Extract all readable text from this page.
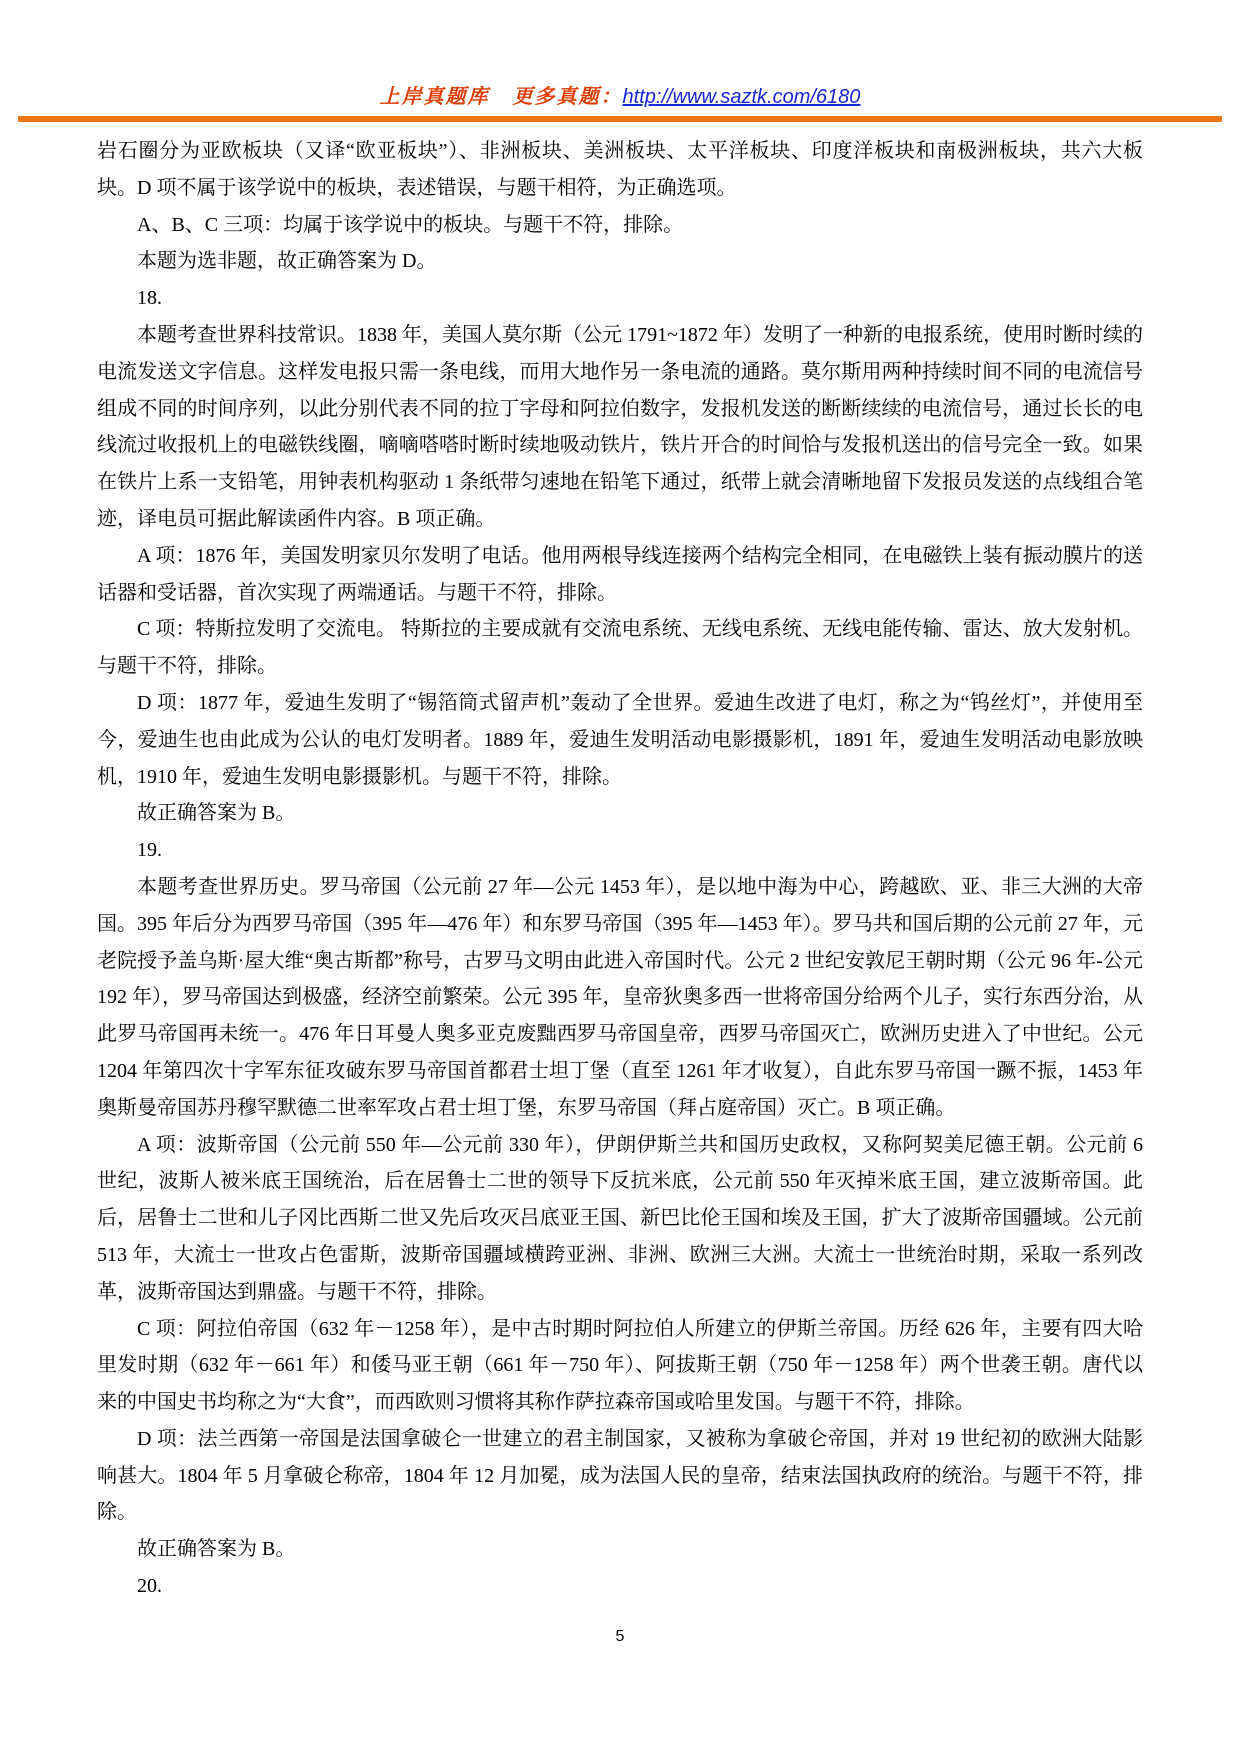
上岸真题库 更多真题：http://www.saztk.com/6180

岩石圈分为亚欧板块（又译“欧亚板块”）、非洲板块、美洲板块、太平洋板块、印度洋板块和南极洲板块，共六大板块。D 项不属于该学说中的板块，表述错误，与题干相符，为正确选项。

A、B、C 三项：均属于该学说中的板块。与题干不符，排除。

本题为选非题，故正确答案为 D。

18.

本题考查世界科技常识。1838 年，美国人莫尔斯（公元 1791~1872 年）发明了一种新的电报系统，使用时断时续的电流发送文字信息。这样发电报只需一条电线，而用大地作另一条电流的通路。莫尔斯用两种持续时间不同的电流信号组成不同的时间序列，以此分别代表不同的拉丁字母和阿拉伯数字，发报机发送的断断续续的电流信号，通过长长的电线流过收报机上的电磁铁线圈，嘀嘀嗒嗒时断时续地吸动铁片，铁片开合的时间恰与发报机送出的信号完全一致。如果在铁片上系一支铅笔，用钟表机构驱动 1 条纸带匀速地在铅笔下通过，纸带上就会清晰地留下发报员发送的点线组合笔迹，译电员可据此解读函件内容。B 项正确。

A 项：1876 年，美国发明家贝尔发明了电话。他用两根导线连接两个结构完全相同，在电磁铁上装有振动膜片的送话器和受话器，首次实现了两端通话。与题干不符，排除。

C 项：特斯拉发明了交流电。 特斯拉的主要成就有交流电系统、无线电系统、无线电能传输、雷达、放大发射机。与题干不符，排除。

D 项：1877 年，爱迪生发明了“锡箔筒式留声机”轰动了全世界。爱迪生改进了电灯，称之为“钨丝灯”，并使用至今，爱迪生也由此成为公认的电灯发明者。1889 年，爱迪生发明活动电影摄影机，1891 年，爱迪生发明活动电影放映机，1910 年，爱迪生发明电影摄影机。与题干不符，排除。

故正确答案为 B。

19.

本题考查世界历史。罗马帝国（公元前 27 年—公元 1453 年），是以地中海为中心，跨越欧、亚、非三大洲的大帝国。395 年后分为西罗马帝国（395 年—476 年）和东罗马帝国（395 年—1453 年）。罗马共和国后期的公元前 27 年，元老院授予盖乌斯·屋大维“奥古斯都”称号，古罗马文明由此进入帝国时代。公元 2 世纪安敦尼王朝时期（公元 96 年-公元 192 年），罗马帝国达到极盛，经济空前繁荣。公元 395 年，皇帝狄奥多西一世将帝国分给两个儿子，实行东西分治，从此罗马帝国再未统一。476 年日耳曼人奥多亚克废黜西罗马帝国皇帝，西罗马帝国灭亡，欧洲历史进入了中世纪。公元 1204 年第四次十字军东征攻破东罗马帝国首都君士坦丁堡（直至 1261 年才收复），自此东罗马帝国一蹶不振，1453 年奥斯曼帝国苏丹穆罕默德二世率军攻占君士坦丁堡，东罗马帝国（拜占庭帝国）灭亡。B 项正确。

A 项：波斯帝国（公元前 550 年—公元前 330 年），伊朗伊斯兰共和国历史政权，又称阿契美尼德王朝。公元前 6 世纪，波斯人被米底王国统治，后在居鲁士二世的领导下反抗米底，公元前 550 年灭掉米底王国，建立波斯帝国。此后，居鲁士二世和儿子冈比西斯二世又先后攻灭吕底亚王国、新巴比伦王国和埃及王国，扩大了波斯帝国疆域。公元前 513 年，大流士一世攻占色雷斯，波斯帝国疆域横跨亚洲、非洲、欧洲三大洲。大流士一世统治时期，采取一系列改革，波斯帝国达到鼎盛。与题干不符，排除。

C 项：阿拉伯帝国（632 年－1258 年），是中古时期时阿拉伯人所建立的伊斯兰帝国。历经 626 年，主要有四大哈里发时期（632 年－661 年）和倭马亚王朝（661 年－750 年）、阿拔斯王朝（750 年－1258 年）两个世袭王朝。唐代以来的中国史书均称之为“大食”，而西欧则习惯将其称作萨拉森帝国或哈里发国。与题干不符，排除。

D 项：法兰西第一帝国是法国拿破仑一世建立的君主制国家，又被称为拿破仑帝国，并对 19 世纪初的欧洲大陆影响甚大。1804 年 5 月拿破仑称帝，1804 年 12 月加冕，成为法国人民的皇帝，结束法国执政府的统治。与题干不符，排除。

故正确答案为 B。

20.

5
